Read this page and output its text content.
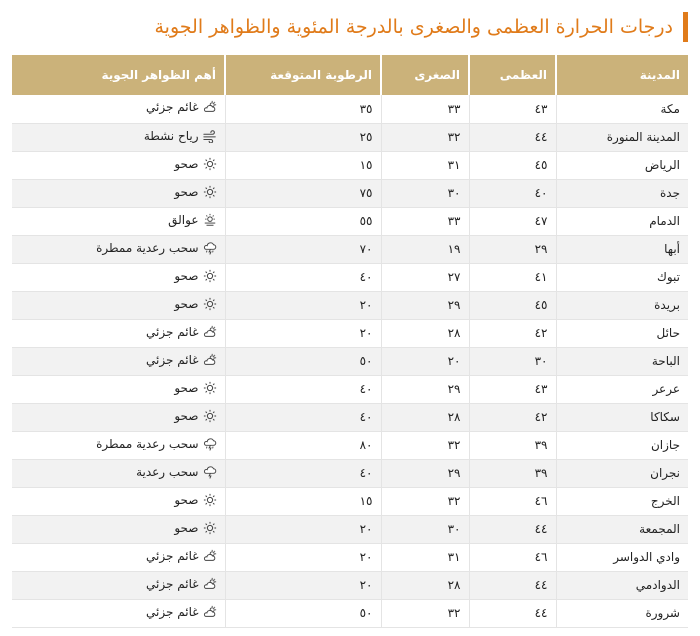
درجات الحرارة العظمى والصغرى بالدرجة المئوية والظواهر الجوية
المدينة	العظمى	الصغرى	الرطوبة المتوقعة	أهم الظواهر الجوية
مكة	٤٣	٣٣	٣٥	غائم جزئي

المدينة المنورة	٤٤	٣٢	٢٥	رياح نشطة

الرياض	٤٥	٣١	١٥	صحو

جدة	٤٠	٣٠	٧٥	صحو

الدمام	٤٧	٣٣	٥٥	عوالق

أبها	٢٩	١٩	٧٠	سحب رعدية ممطرة

تبوك	٤١	٢٧	٤٠	صحو

بريدة	٤٥	٢٩	٢٠	صحو

حائل	٤٢	٢٨	٢٠	غائم جزئي

الباحة	٣٠	٢٠	٥٠	غائم جزئي

عرعر	٤٣	٢٩	٤٠	صحو

سكاكا	٤٢	٢٨	٤٠	صحو

جازان	٣٩	٣٢	٨٠	سحب رعدية ممطرة

نجران	٣٩	٢٩	٤٠	سحب رعدية

الخرج	٤٦	٣٢	١٥	صحو

المجمعة	٤٤	٣٠	٢٠	صحو

وادي الدواسر	٤٦	٣١	٢٠	غائم جزئي

الدوادمي	٤٤	٢٨	٢٠	غائم جزئي

شرورة	٤٤	٣٢	٥٠	غائم جزئي
